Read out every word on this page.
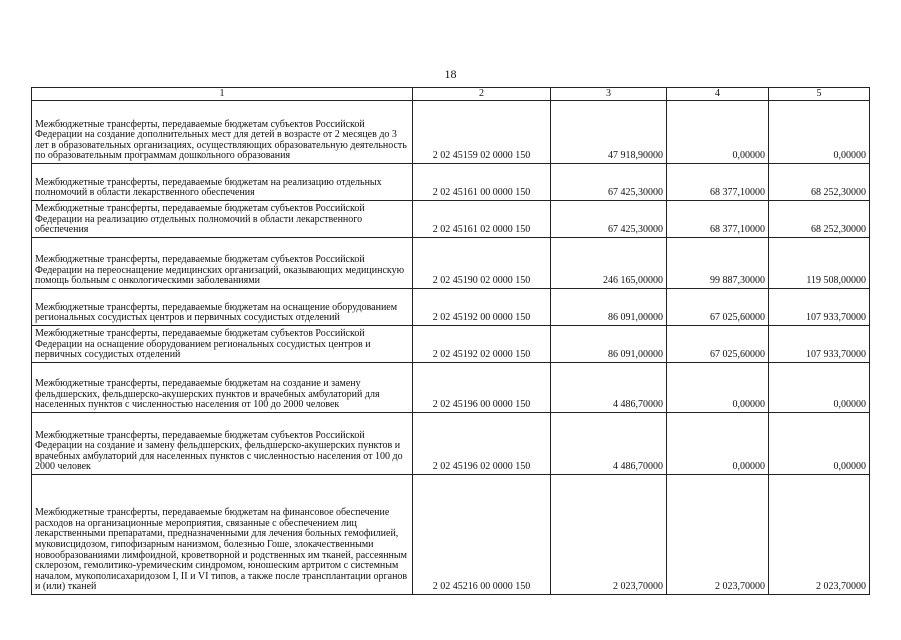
18
1	2	3	4	5
Межбюджетные трансферты, передаваемые бюджетам субъектов Российской Федерации на создание дополнительных мест для детей в возрасте от 2 месяцев до 3 лет в образовательных организациях, осуществляющих образовательную деятельность по образовательным программам дошкольного образования	2 02 45159 02 0000 150	47 918,90000	0,00000	0,00000
Межбюджетные трансферты, передаваемые бюджетам на реализацию отдельных полномочий в области лекарственного обеспечения	2 02 45161 00 0000 150	67 425,30000	68 377,10000	68 252,30000
Межбюджетные трансферты, передаваемые бюджетам субъектов Российской Федерации на реализацию отдельных полномочий в области лекарственного обеспечения	2 02 45161 02 0000 150	67 425,30000	68 377,10000	68 252,30000
Межбюджетные трансферты, передаваемые бюджетам субъектов Российской Федерации на переоснащение медицинских организаций, оказывающих медицинскую помощь больным с онкологическими заболеваниями	2 02 45190 02 0000 150	246 165,00000	99 887,30000	119 508,00000
Межбюджетные трансферты, передаваемые бюджетам на оснащение оборудованием региональных сосудистых центров и первичных сосудистых отделений	2 02 45192 00 0000 150	86 091,00000	67 025,60000	107 933,70000
Межбюджетные трансферты, передаваемые бюджетам субъектов Российской Федерации на оснащение оборудованием региональных сосудистых центров и первичных сосудистых отделений	2 02 45192 02 0000 150	86 091,00000	67 025,60000	107 933,70000
Межбюджетные трансферты, передаваемые бюджетам на создание и замену фельдшерских, фельдшерско-акушерских пунктов и врачебных амбулаторий для населенных пунктов с численностью населения от 100 до 2000 человек	2 02 45196 00 0000 150	4 486,70000	0,00000	0,00000
Межбюджетные трансферты, передаваемые бюджетам субъектов Российской Федерации на создание и замену фельдшерских, фельдшерско-акушерских пунктов и врачебных амбулаторий для населенных пунктов с численностью населения от 100 до 2000 человек	2 02 45196 02 0000 150	4 486,70000	0,00000	0,00000
Межбюджетные трансферты, передаваемые бюджетам на финансовое обеспечение расходов на организационные мероприятия, связанные с обеспечением лиц лекарственными препаратами, предназначенными для лечения больных гемофилией, муковисцидозом, гипофизарным нанизмом, болезнью Гоше, злокачественными новообразованиями лимфоидной, кроветворной и родственных им тканей, рассеянным склерозом, гемолитико-уремическим синдромом, юношеским артритом с системным началом, мукополисахаридозом I, II и VI типов, а также после трансплантации органов и (или) тканей	2 02 45216 00 0000 150	2 023,70000	2 023,70000	2 023,70000
